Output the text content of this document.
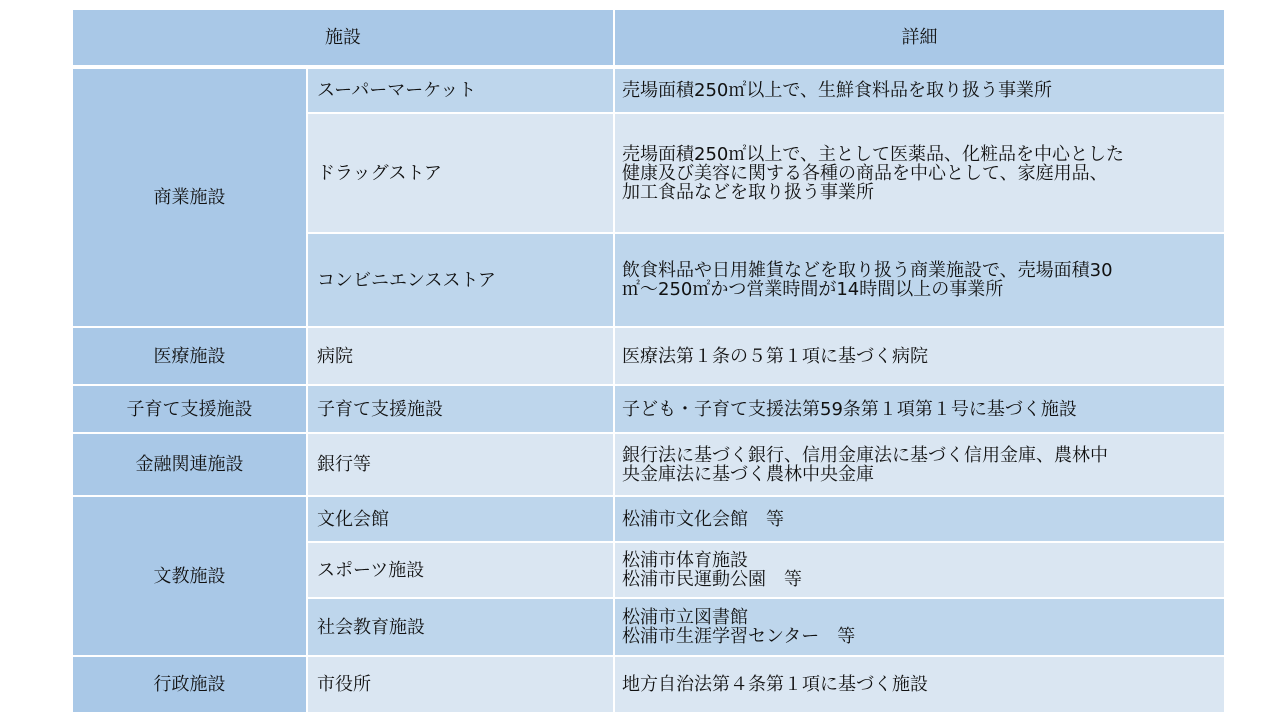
施設		詳細
商業施設	スーパーマーケット	売場面積250㎡以上で、生鮮食料品を取り扱う事業所

	ドラッグストア	売場面積250㎡以上で、主として医薬品、化粧品を中心とした
健康及び美容に関する各種の商品を中心として、家庭用品、
加工食品などを取り扱う事業所

	コンビニエンスストア	飲食料品や日用雑貨などを取り扱う商業施設で、売場面積30
㎡～250㎡かつ営業時間が14時間以上の事業所

医療施設	病院	医療法第１条の５第１項に基づく病院

子育て支援施設	子育て支援施設	子ども・子育て支援法第59条第１項第１号に基づく施設

金融関連施設	銀行等	銀行法に基づく銀行、信用金庫法に基づく信用金庫、農林中
央金庫法に基づく農林中央金庫

文教施設	文化会館	松浦市文化会館　等

	スポーツ施設	松浦市体育施設
松浦市民運動公園　等

	社会教育施設	松浦市立図書館
松浦市生涯学習センター　等

行政施設	市役所	地方自治法第４条第１項に基づく施設
